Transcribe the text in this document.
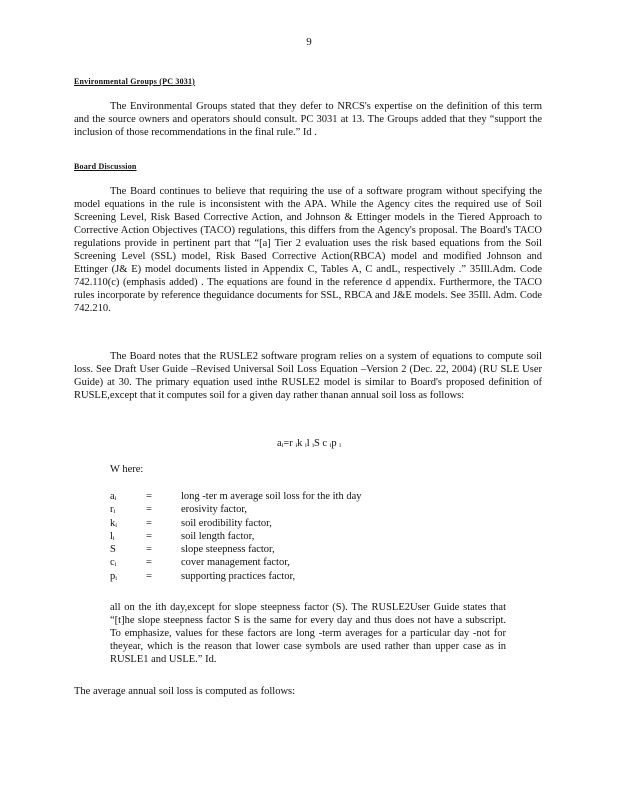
9
Environmental Groups (PC 3031)

The Environmental Groups stated that they defer to NRCS's expertise on the definition of this term and the source owners and operators should consult. PC 3031 at 13. The Groups added that they “support the inclusion of those recommendations in the final rule.” Id .

Board Discussion

The Board continues to believe that requiring the use of a software program without specifying the model equations in the rule is inconsistent with the APA. While the Agency cites the required use of Soil Screening Level, Risk Based Corrective Action, and Johnson & Ettinger models in the Tiered Approach to Corrective Action Objectives (TACO) regulations, this differs from the Agency's proposal. The Board's TACO regulations provide in pertinent part that “[a] Tier 2 evaluation uses the risk based equations from the Soil Screening Level (SSL) model, Risk Based Corrective Action(RBCA) model and modified Johnson and Ettinger (J& E) model documents listed in Appendix C, Tables A, C andL, respectively .” 35Ill.Adm. Code 742.110(c) (emphasis added) . The equations are found in the reference d appendix. Furthermore, the TACO rules incorporate by reference theguidance documents for SSL, RBCA and J&E models. See 35Ill. Adm. Code 742.210.

The Board notes that the RUSLE2 software program relies on a system of equations to compute soil loss. See Draft User Guide –Revised Universal Soil Loss Equation –Version 2 (Dec. 22, 2004) (RU SLE User Guide) at 30. The primary equation used inthe RUSLE2 model is similar to Board's proposed definition of RUSLE,except that it computes soil for a given day rather thanan annual soil loss as follows:

aᵢ=r ᵢk ᵢl ᵢS c ᵢp ᵢ
W here:
aᵢ	=	long -ter m average soil loss for the ith day
rᵢ	=	erosivity factor,
kᵢ	=	soil erodibility factor,
lᵢ	=	soil length factor,
S	=	slope steepness factor,
cᵢ	=	cover management factor,
pᵢ	=	supporting practices factor,

all on the ith day,except for slope steepness factor (S). The RUSLE2User Guide states that “[t]he slope steepness factor S is the same for every day and thus does not have a subscript. To emphasize, values for these factors are long -term averages for a particular day -not for theyear, which is the reason that lower case symbols are used rather than upper case as in RUSLE1 and USLE.” Id.

The average annual soil loss is computed as follows:
